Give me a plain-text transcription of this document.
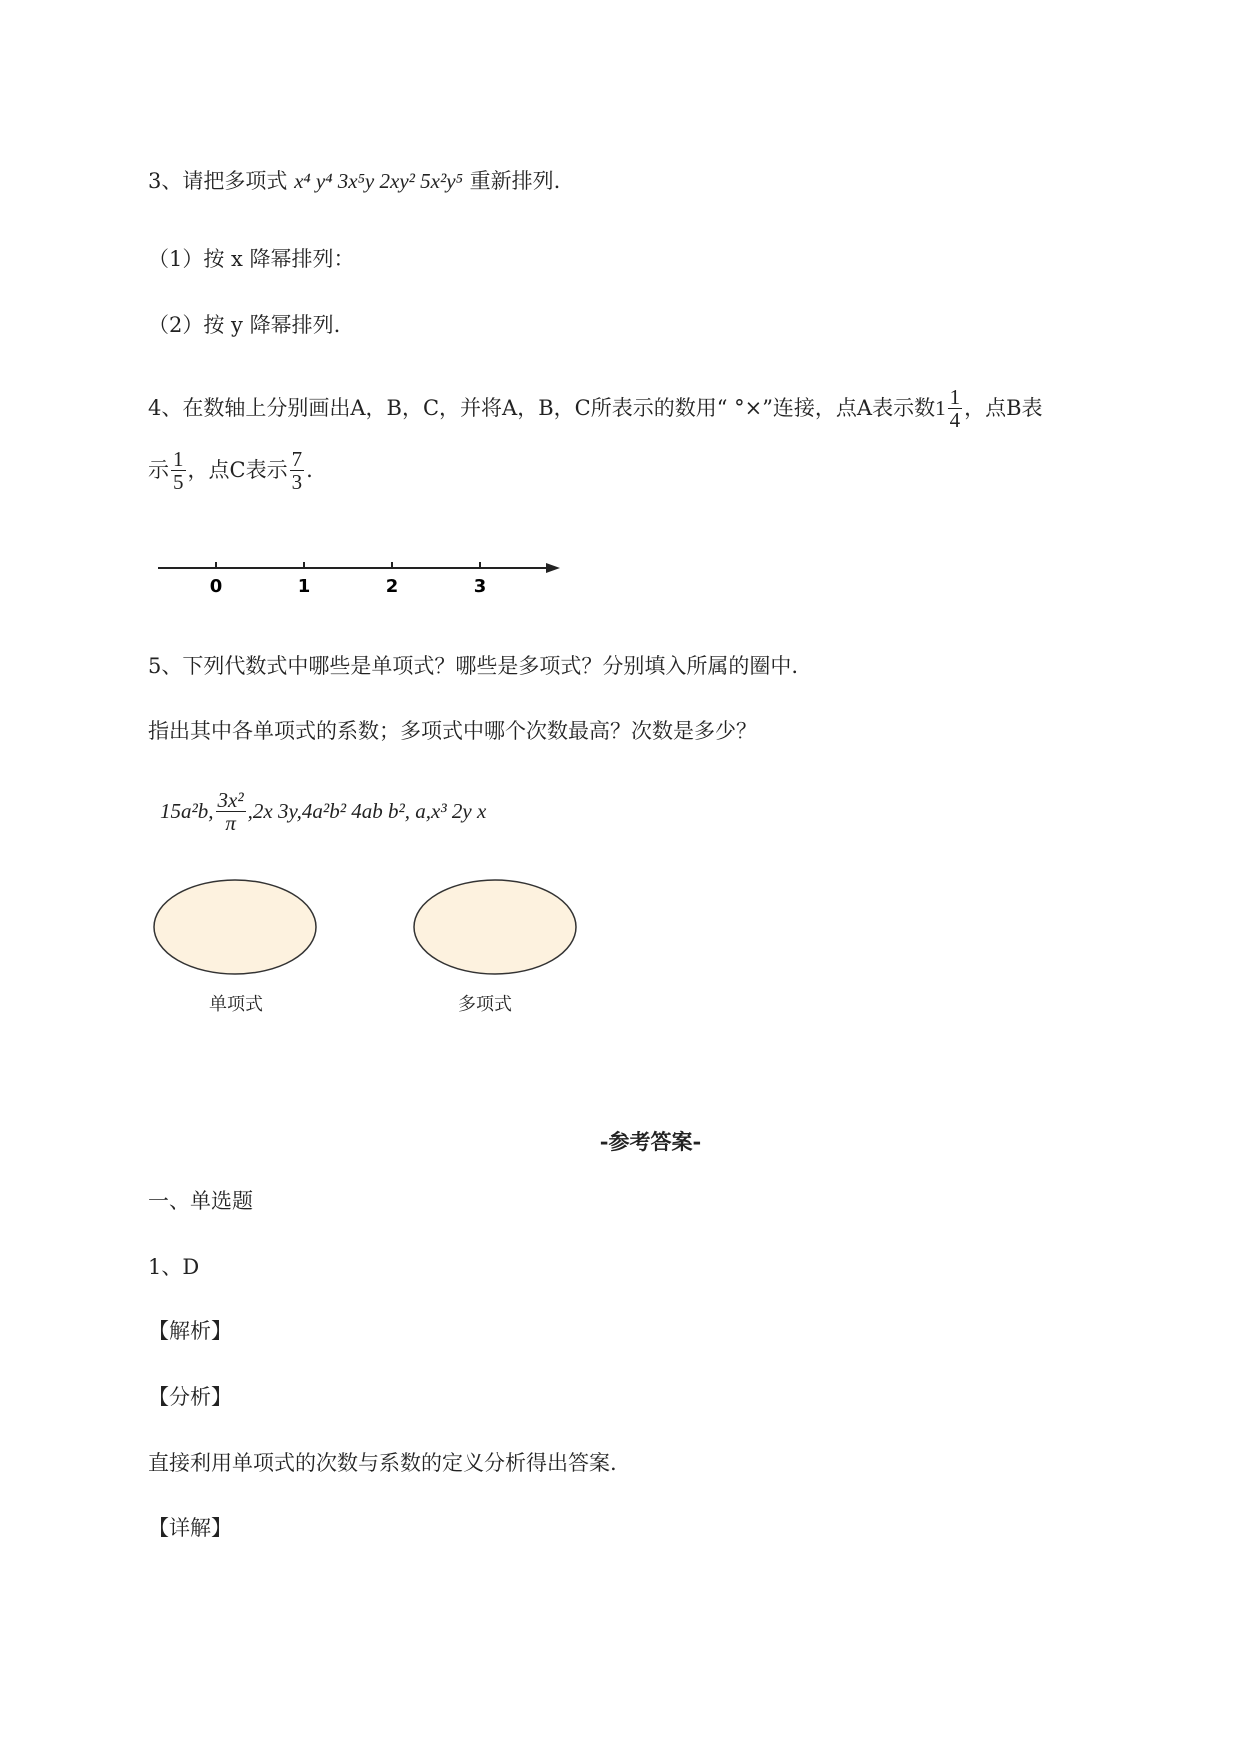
3、请把多项式 x⁴ y⁴ 3x⁵y 2xy² 5x²y⁵ 重新排列.
（1）按 x 降幂排列：
（2）按 y 降幂排列.
4、在数轴上分别画出A，B，C，并将A，B，C所表示的数用“ °×”连接，点A表示数 $1 \frac{1}{4}$ ，点B表
示 $\frac{1}{5}$ ，点C表示 $\frac{7}{3}$ .
0	1	2	3
5、下列代数式中哪些是单项式？哪些是多项式？分别填入所属的圈中.
指出其中各单项式的系数；多项式中哪个次数最高？次数是多少？
15a²b, $\frac{\text{3x²}}{\pi} ,2x$ 3y,4a²b² 4ab b², a,x³ 2y x
单项式	多项式
-参考答案-
一、单选题
1、D
【解析】
【分析】
直接利用单项式的次数与系数的定义分析得出答案.
【详解】
